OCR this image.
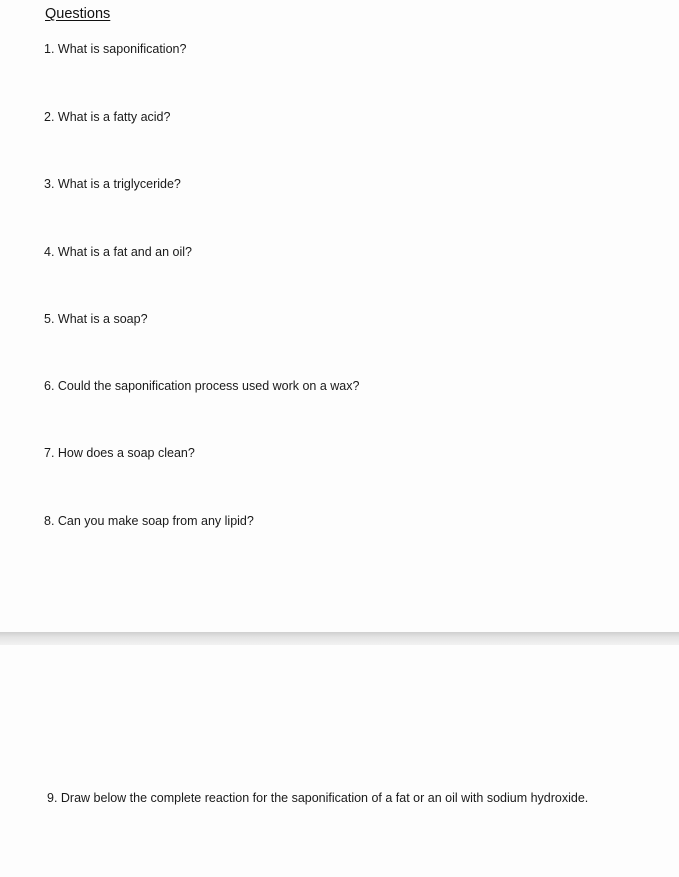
Questions
1. What is saponification?
2. What is a fatty acid?
3. What is a triglyceride?
4. What is a fat and an oil?
5. What is a soap?
6. Could the saponification process used work on a wax?
7. How does a soap clean?
8. Can you make soap from any lipid?
9. Draw below the complete reaction for the saponification of a fat or an oil with sodium hydroxide.
